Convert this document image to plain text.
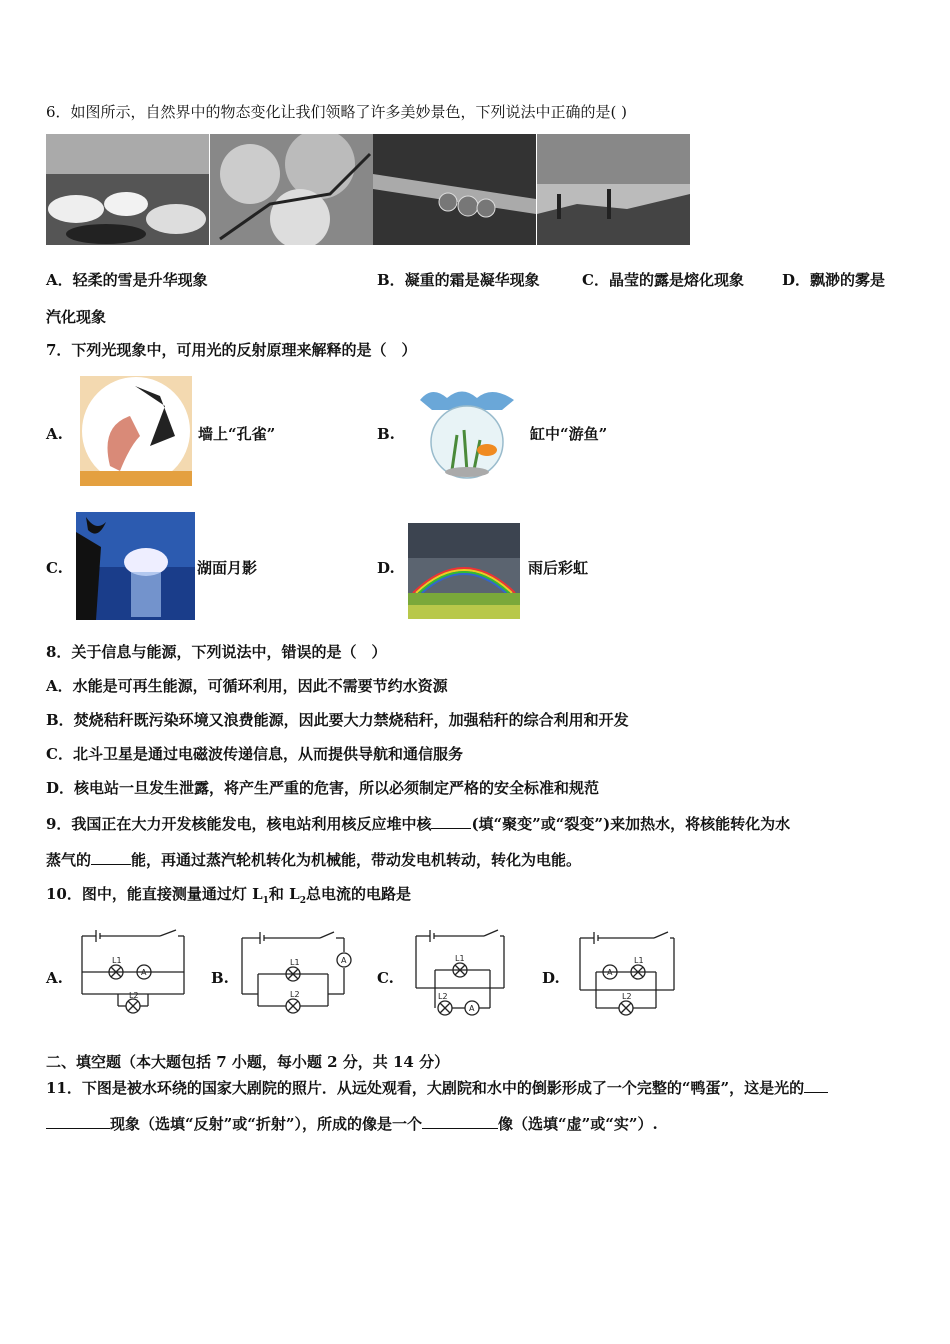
6．如图所示，自然界中的物态变化让我们领略了许多美妙景色，下列说法中正确的是( )
A．轻柔的雪是升华现象	B．凝重的霜是凝华现象	C．晶莹的露是熔化现象	D．飘渺的雾是
汽化现象
7．下列光现象中，可用光的反射原理来解释的是（　）
A.	墙上“孔雀”	B.	缸中“游鱼”
C.	湖面月影	D.	雨后彩虹
8．关于信息与能源，下列说法中，错误的是（　）
A．水能是可再生能源，可循环利用，因此不需要节约水资源
B．焚烧秸秆既污染环境又浪费能源，因此要大力禁烧秸秆，加强秸秆的综合利用和开发
C．北斗卫星是通过电磁波传递信息，从而提供导航和通信服务
D．核电站一旦发生泄露，将产生严重的危害，所以必须制定严格的安全标准和规范
9．我国正在大力开发核能发电，核电站利用核反应堆中核	(填“聚变”或“裂变”)来加热水，将核能转化为水
蒸气的	能，再通过蒸汽轮机转化为机械能，带动发电机转动，转化为电能。
10．图中，能直接测量通过灯 $L_1$和 $L_2$总电流的电路是
A.	B.	C.	D.
A
L1
L2
A
L1
L2
A
L1
L2
A
L1
L2
二、填空题（本大题包括 7 小题，每小题 2 分，共 14 分）
11．下图是被水环绕的国家大剧院的照片．从远处观看，大剧院和水中的倒影形成了一个完整的“鸭蛋”，这是光的
现象（选填“反射”或“折射”），所成的像是一个	像（选填“虚”或“实”）.
